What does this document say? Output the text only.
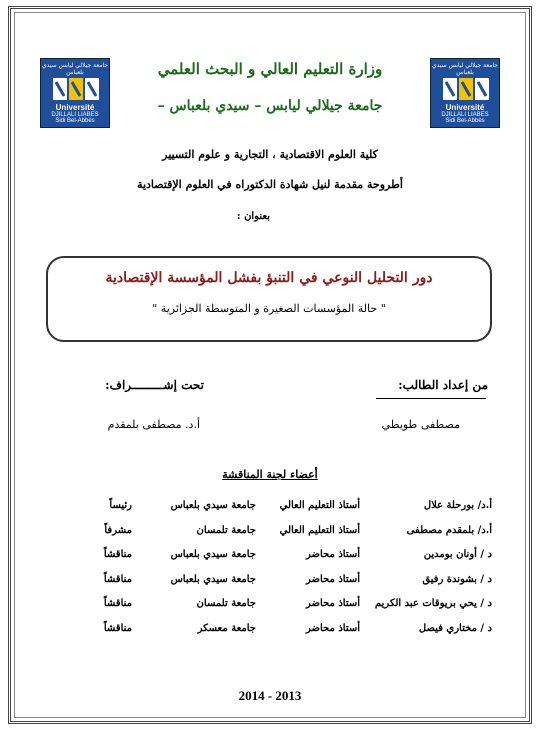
جامعة جيلالي ليابس سيدي بلعباس
Université
DJILLALI LIABES
Sidi Bel-Abbès
جامعة جيلالي ليابس سيدي بلعباس
Université
DJILLALI LIABES
Sidi Bel-Abbès
وزارة التعليم العالي و البحث العلمي
جامعة جيلالي ليابس – سيدي بلعباس –
كلية العلوم الاقتصادية ، التجارية و علوم التسيير
أطروحة مقدمة لنيل شهادة الدكتوراه في العلوم الإقتصادية
بعنوان :
دور التحليل النوعي في التنبؤ بفشل المؤسسة الإقتصادية
" حالة المؤسسات الصغيرة و المتوسطة الجزائرية "
من إعداد الطالب:
تحت إشـــــــــراف:
مصطفى طويطي
أ.د. مصطفى بلمقدم
أعضاء لجنة المناقشة
أ.د/ بورحلة علال
أستاذ التعليم العالي
جامعة سيدي بلعباس
رئيساً
أ.د/ بلمقدم مصطفى
أستاذ التعليم العالي
جامعة تلمسان
مشرفاً
د / أونان بومدين
أستاذ محاضر
جامعة سيدي بلعباس
مناقشاً
د / بشوندة رفيق
أستاذ محاضر
جامعة سيدي بلعباس
مناقشاً
د / يحي بريوقات عبد الكريم
أستاذ محاضر
جامعة تلمسان
مناقشاً
د / مختاري فيصل
أستاذ محاضر
جامعة معسكر
مناقشاً
2014 - 2013
